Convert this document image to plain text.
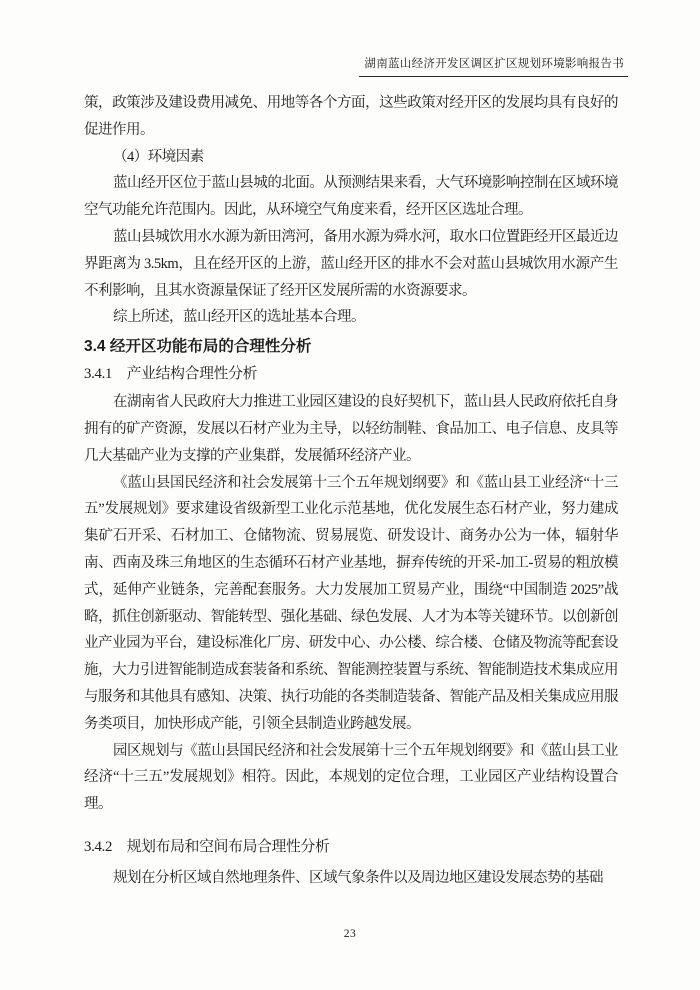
湖南蓝山经济开发区调区扩区规划环境影响报告书

策，政策涉及建设费用减免、用地等各个方面，这些政策对经开区的发展均具有良好的促进作用。

（4）环境因素

蓝山经开区位于蓝山县城的北面。从预测结果来看，大气环境影响控制在区域环境空气功能允许范围内。因此，从环境空气角度来看，经开区区选址合理。

蓝山县城饮用水水源为新田湾河，备用水源为舜水河，取水口位置距经开区最近边界距离为 3.5km，且在经开区的上游，蓝山经开区的排水不会对蓝山县城饮用水源产生不利影响，且其水资源量保证了经开区发展所需的水资源要求。

综上所述，蓝山经开区的选址基本合理。

3.4 经开区功能布局的合理性分析
3.4.1　产业结构合理性分析

在湖南省人民政府大力推进工业园区建设的良好契机下，蓝山县人民政府依托自身拥有的矿产资源，发展以石材产业为主导，以轻纺制鞋、食品加工、电子信息、皮具等几大基础产业为支撑的产业集群，发展循环经济产业。

《蓝山县国民经济和社会发展第十三个五年规划纲要》和《蓝山县工业经济“十三五”发展规划》要求建设省级新型工业化示范基地，优化发展生态石材产业，努力建成集矿石开采、石材加工、仓储物流、贸易展览、研发设计、商务办公为一体，辐射华南、西南及珠三角地区的生态循环石材产业基地，摒弃传统的开采-加工-贸易的粗放模式，延伸产业链条，完善配套服务。大力发展加工贸易产业，围绕“中国制造 2025”战略，抓住创新驱动、智能转型、强化基础、绿色发展、人才为本等关键环节。以创新创业产业园为平台，建设标准化厂房、研发中心、办公楼、综合楼、仓储及物流等配套设施，大力引进智能制造成套装备和系统、智能测控装置与系统、智能制造技术集成应用与服务和其他具有感知、决策、执行功能的各类制造装备、智能产品及相关集成应用服务类项目，加快形成产能，引领全县制造业跨越发展。

园区规划与《蓝山县国民经济和社会发展第十三个五年规划纲要》和《蓝山县工业经济“十三五”发展规划》相符。因此，本规划的定位合理，工业园区产业结构设置合理。

3.4.2　规划布局和空间布局合理性分析

规划在分析区域自然地理条件、区域气象条件以及周边地区建设发展态势的基础

23
